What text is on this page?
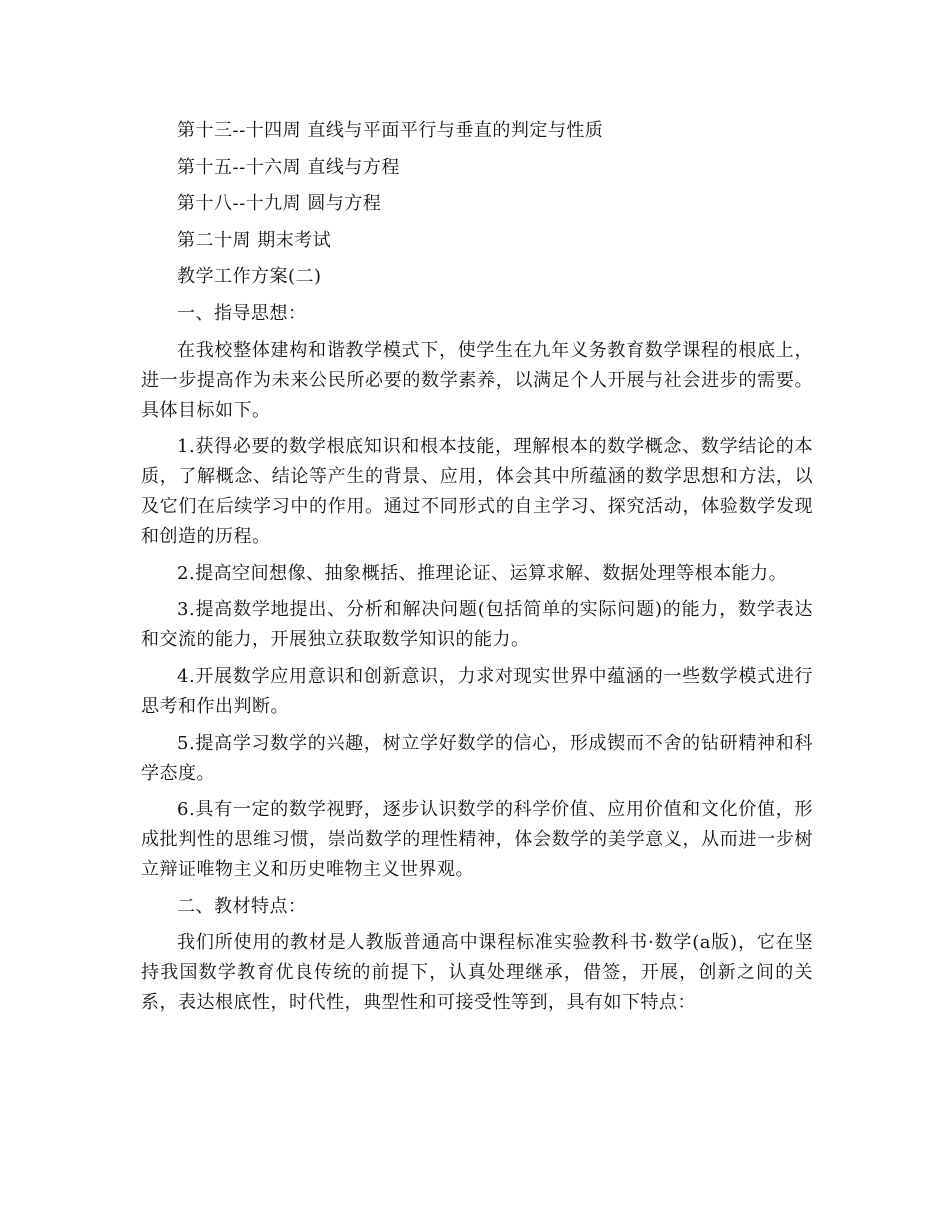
第十三--十四周 直线与平面平行与垂直的判定与性质

第十五--十六周 直线与方程

第十八--十九周 圆与方程

第二十周 期末考试

教学工作方案(二)

一、指导思想：

在我校整体建构和谐教学模式下，使学生在九年义务教育数学课程的根底上，进一步提高作为未来公民所必要的数学素养，以满足个人开展与社会进步的需要。具体目标如下。

1.获得必要的数学根底知识和根本技能，理解根本的数学概念、数学结论的本质，了解概念、结论等产生的背景、应用，体会其中所蕴涵的数学思想和方法，以及它们在后续学习中的作用。通过不同形式的自主学习、探究活动，体验数学发现和创造的历程。

2.提高空间想像、抽象概括、推理论证、运算求解、数据处理等根本能力。

3.提高数学地提出、分析和解决问题(包括简单的实际问题)的能力，数学表达和交流的能力，开展独立获取数学知识的能力。

4.开展数学应用意识和创新意识，力求对现实世界中蕴涵的一些数学模式进行思考和作出判断。

5.提高学习数学的兴趣，树立学好数学的信心，形成锲而不舍的钻研精神和科学态度。

6.具有一定的数学视野，逐步认识数学的科学价值、应用价值和文化价值，形成批判性的思维习惯，崇尚数学的理性精神，体会数学的美学意义，从而进一步树立辩证唯物主义和历史唯物主义世界观。

二、教材特点：

我们所使用的教材是人教版普通高中课程标准实验教科书·数学(a版)，它在坚持我国数学教育优良传统的前提下，认真处理继承，借签，开展，创新之间的关系，表达根底性，时代性，典型性和可接受性等到，具有如下特点：
